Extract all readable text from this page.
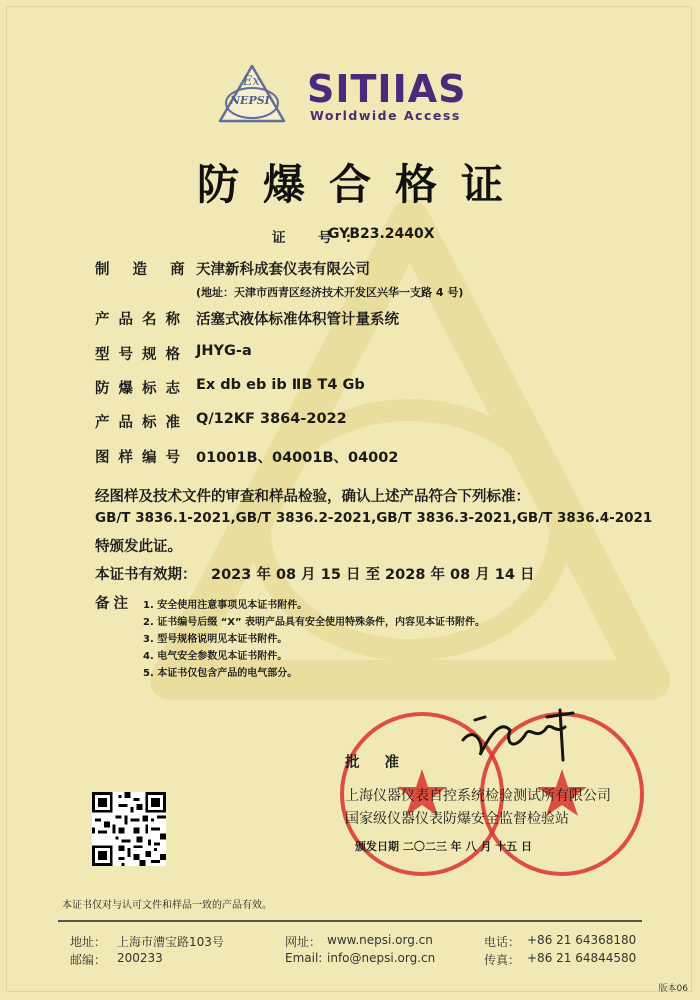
Ex
NEPSI SITIIAS
Worldwide Access
防爆合格证
证 号:
GYB23.2440X
制 造 商 天津新科成套仪表有限公司
(地址：天津市西青区经济技术开发区兴华一支路 4 号)
产品名称 活塞式液体标准体积管计量系统
型号规格 JHYG-a
防爆标志 Ex db eb ib ⅡB T4 Gb
产品标准 Q/12KF 3864-2022
图样编号 01001B、04001B、04002
经图样及技术文件的审查和样品检验，确认上述产品符合下列标准：
GB/T 3836.1-2021,GB/T 3836.2-2021,GB/T 3836.3-2021,GB/T 3836.4-2021
特颁发此证。
本证书有效期： 2023 年 08 月 15 日 至 2028 年 08 月 14 日
备注 1. 安全使用注意事项见本证书附件。
2. 证书编号后缀 “X” 表明产品具有安全使用特殊条件，内容见本证书附件。
3. 型号规格说明见本证书附件。
4. 电气安全参数见本证书附件。
5. 本证书仅包含产品的电气部分。
批 准
上海仪器仪表自控系统检验测试所有限公司
国家级仪器仪表防爆安全监督检验站
颁发日期 二〇二三 年 八 月 十五 日
本证书仅对与认可文件和样品一致的产品有效。
地址： 上海市漕宝路103号
邮编： 200233
网址： www.nepsi.org.cn
Email: info@nepsi.org.cn
电话： +86 21 64368180
传真： +86 21 64844580
版本06
